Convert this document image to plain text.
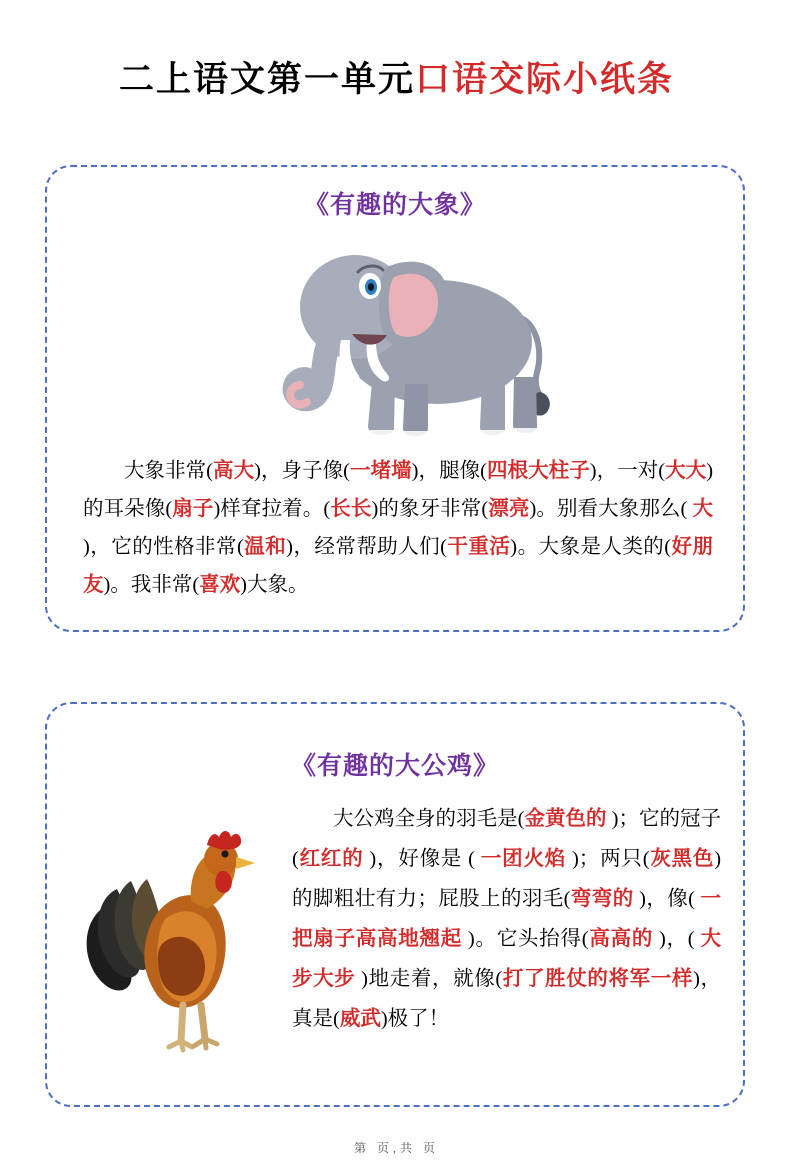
二上语文第一单元口语交际小纸条
《有趣的大象》
大象非常(高大)，身子像(一堵墙)，腿像(四根大柱子)，一对(大大)的耳朵像(扇子)样耷拉着。(长长)的象牙非常(漂亮)。别看大象那么( 大 )，它的性格非常(温和)，经常帮助人们(干重活)。大象是人类的(好朋友)。我非常(喜欢)大象。
《有趣的大公鸡》
大公鸡全身的羽毛是(金黄色的 )；它的冠子(红红的 )，好像是 ( 一团火焰 )；两只(灰黑色)的脚粗壮有力；屁股上的羽毛(弯弯的 )，像( 一把扇子高高地翘起 )。它头抬得(高高的 )，( 大步大步 )地走着，就像(打了胜仗的将军一样)，真是(威武)极了！
第 页,共 页
